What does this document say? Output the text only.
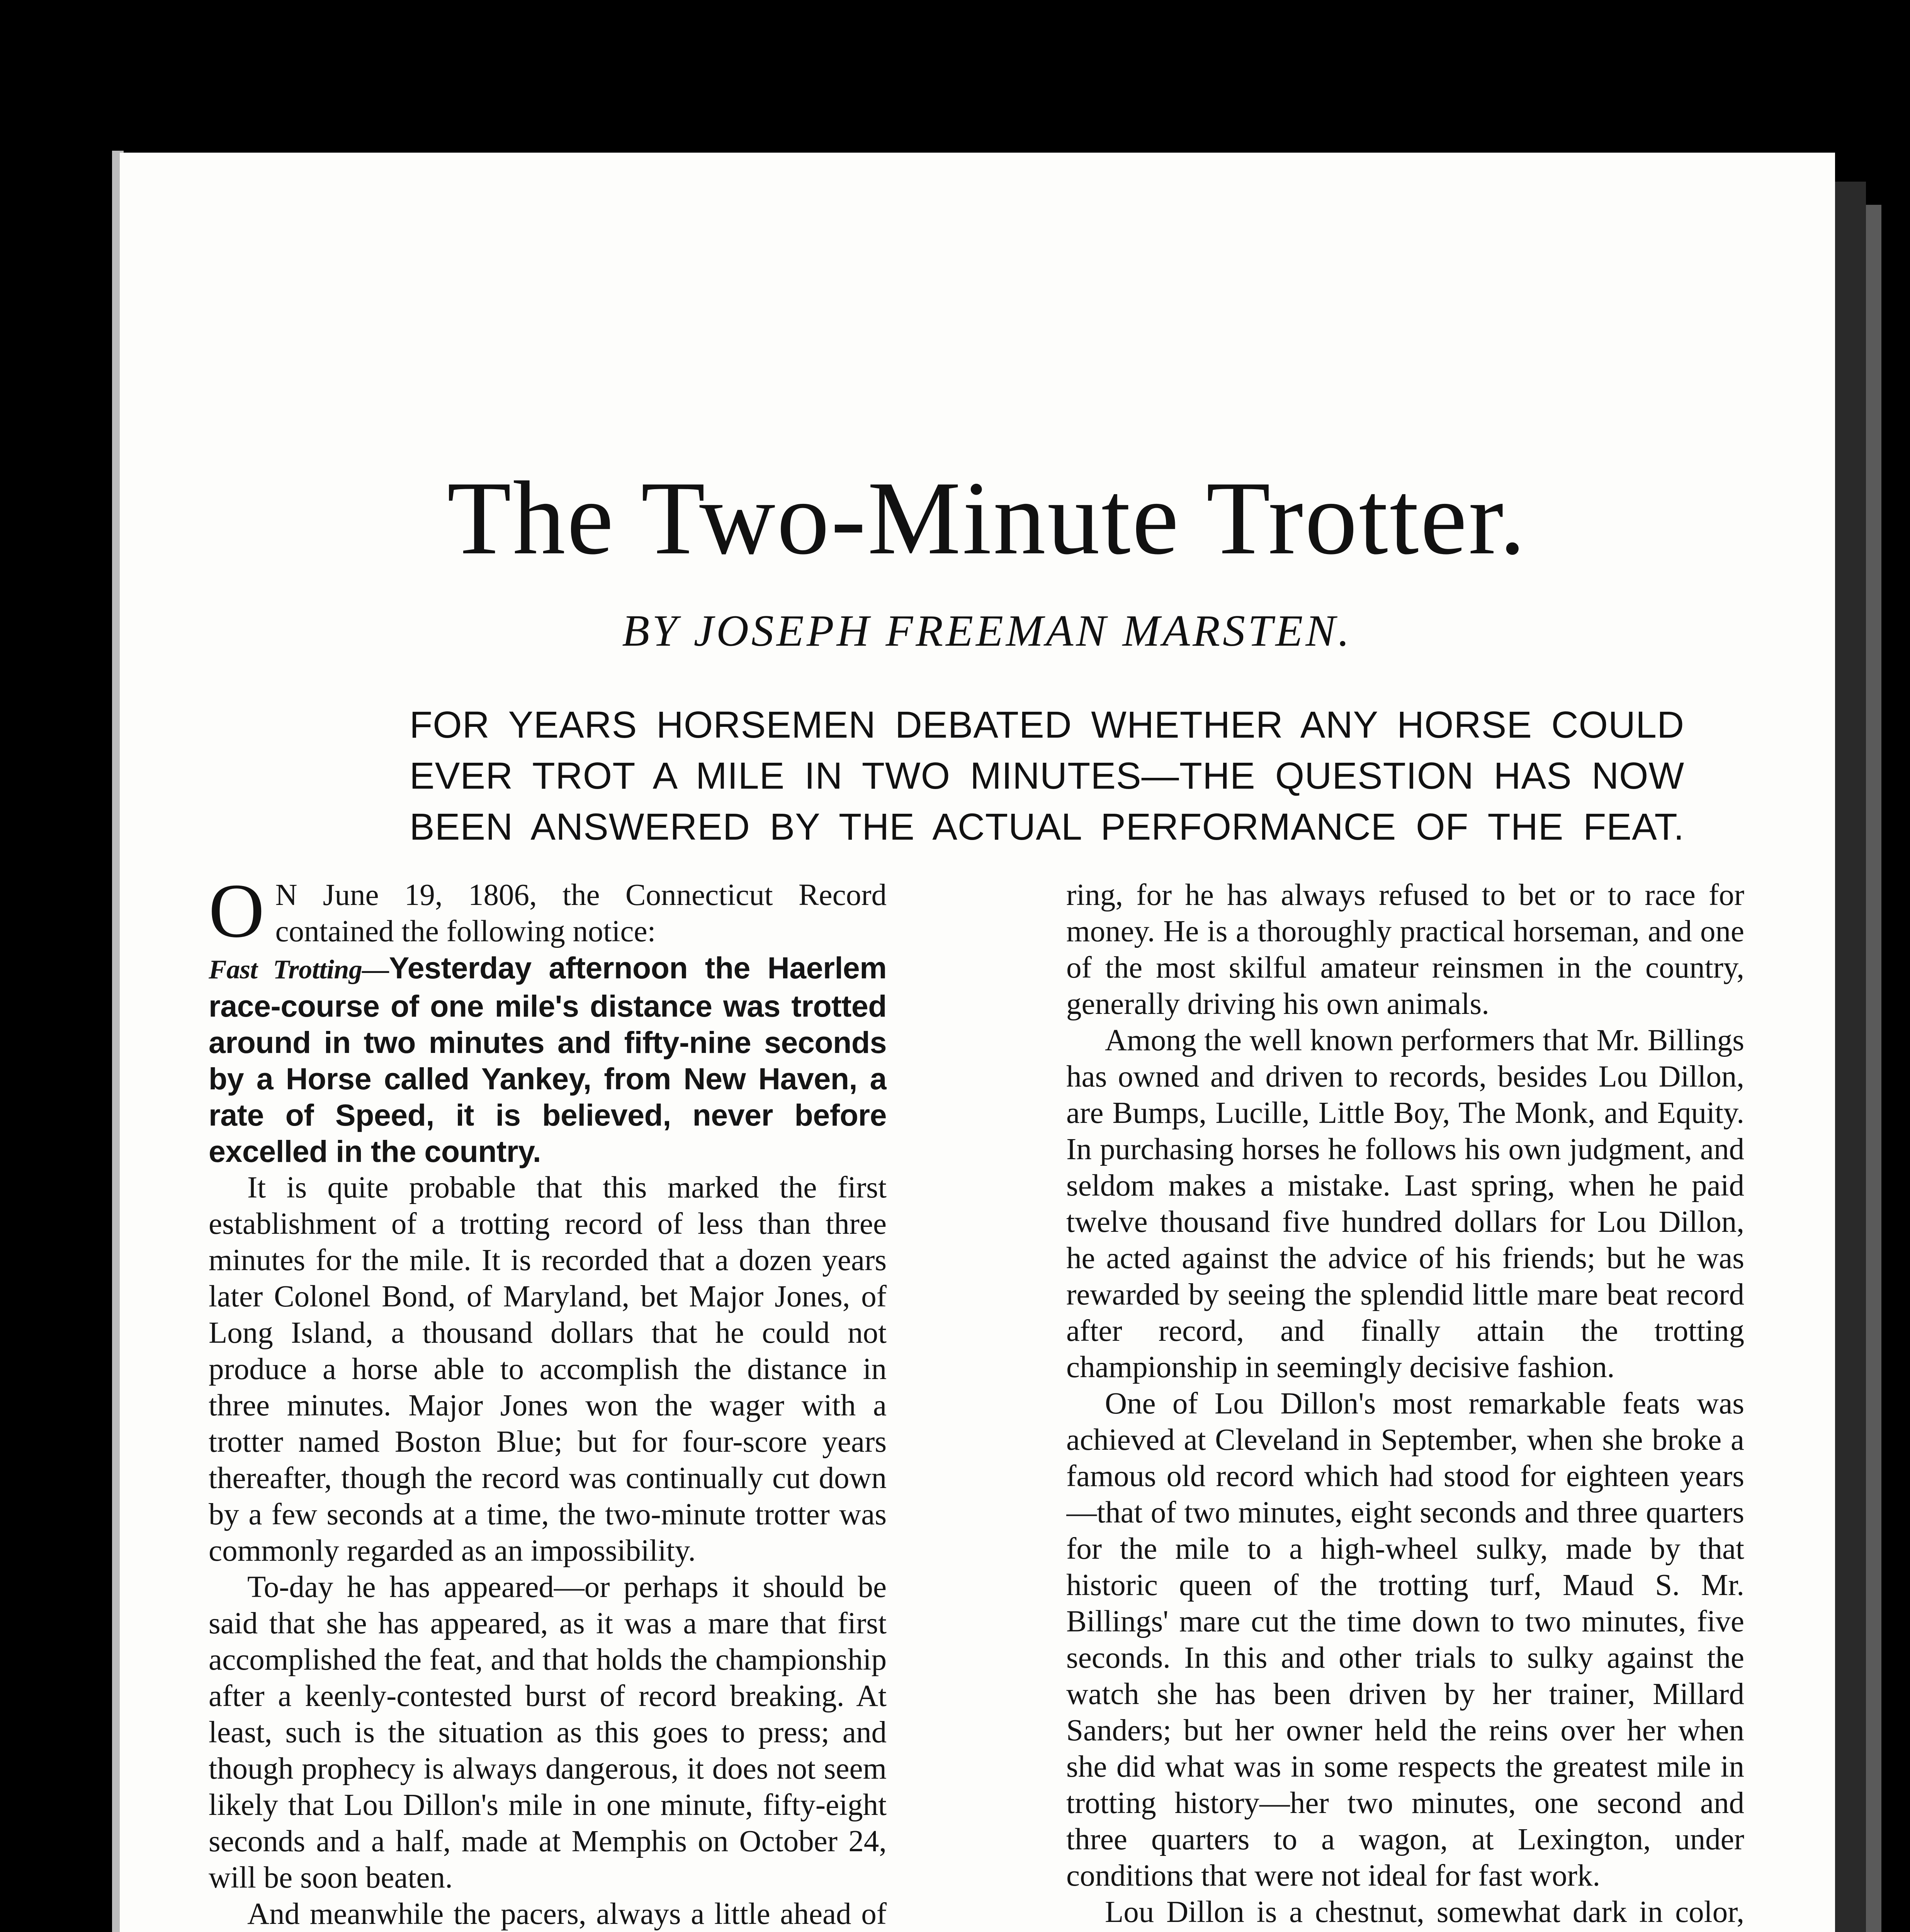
The Two-Minute Trotter.
BY JOSEPH FREEMAN MARSTEN.
FOR YEARS HORSEMEN DEBATED WHETHER ANY HORSE COULD
EVER TROT A MILE IN TWO MINUTES—THE QUESTION HAS NOW
BEEN ANSWERED BY THE ACTUAL PERFORMANCE OF THE FEAT.

O N June 19, 1806, the Connecticut Record contained the following notice:

Fast Trotting—Yesterday afternoon the Haerlem race-course of one mile's distance was trotted around in two minutes and fifty-nine seconds by a Horse called Yankey, from New Haven, a rate of Speed, it is believed, never before excelled in the country.

It is quite probable that this marked the first establishment of a trotting record of less than three minutes for the mile. It is recorded that a dozen years later Colonel Bond, of Maryland, bet Major Jones, of Long Island, a thousand dollars that he could not produce a horse able to accomplish the distance in three minutes. Major Jones won the wager with a trotter named Boston Blue; but for four-score years thereafter, though the record was continually cut down by a few seconds at a time, the two-minute trotter was commonly regarded as an impossibility.

To-day he has appeared—or perhaps it should be said that she has appeared, as it was a mare that first accomplished the feat, and that holds the championship after a keenly-contested burst of record breaking. At least, such is the situation as this goes to press; and though prophecy is always dangerous, it does not seem likely that Lou Dillon's mile in one minute, fifty-eight seconds and a half, made at Memphis on October 24, will be soon beaten.

And meanwhile the pacers, always a little ahead of

ring, for he has always refused to bet or to race for money. He is a thoroughly practical horseman, and one of the most skilful amateur reinsmen in the country, generally driving his own animals.

Among the well known performers that Mr. Billings has owned and driven to records, besides Lou Dillon, are Bumps, Lucille, Little Boy, The Monk, and Equity. In purchasing horses he follows his own judgment, and seldom makes a mistake. Last spring, when he paid twelve thousand five hundred dollars for Lou Dillon, he acted against the advice of his friends; but he was rewarded by seeing the splendid little mare beat record after record, and finally attain the trotting championship in seemingly decisive fashion.

One of Lou Dillon's most remarkable feats was achieved at Cleveland in September, when she broke a famous old record which had stood for eighteen years—that of two minutes, eight seconds and three quarters for the mile to a high-wheel sulky, made by that historic queen of the trotting turf, Maud S. Mr. Billings' mare cut the time down to two minutes, five seconds. In this and other trials to sulky against the watch she has been driven by her trainer, Millard Sanders; but her owner held the reins over her when she did what was in some respects the greatest mile in trotting history—her two minutes, one second and three quarters to a wagon, at Lexington, under conditions that were not ideal for fast work.

Lou Dillon is a chestnut, somewhat dark in color,
